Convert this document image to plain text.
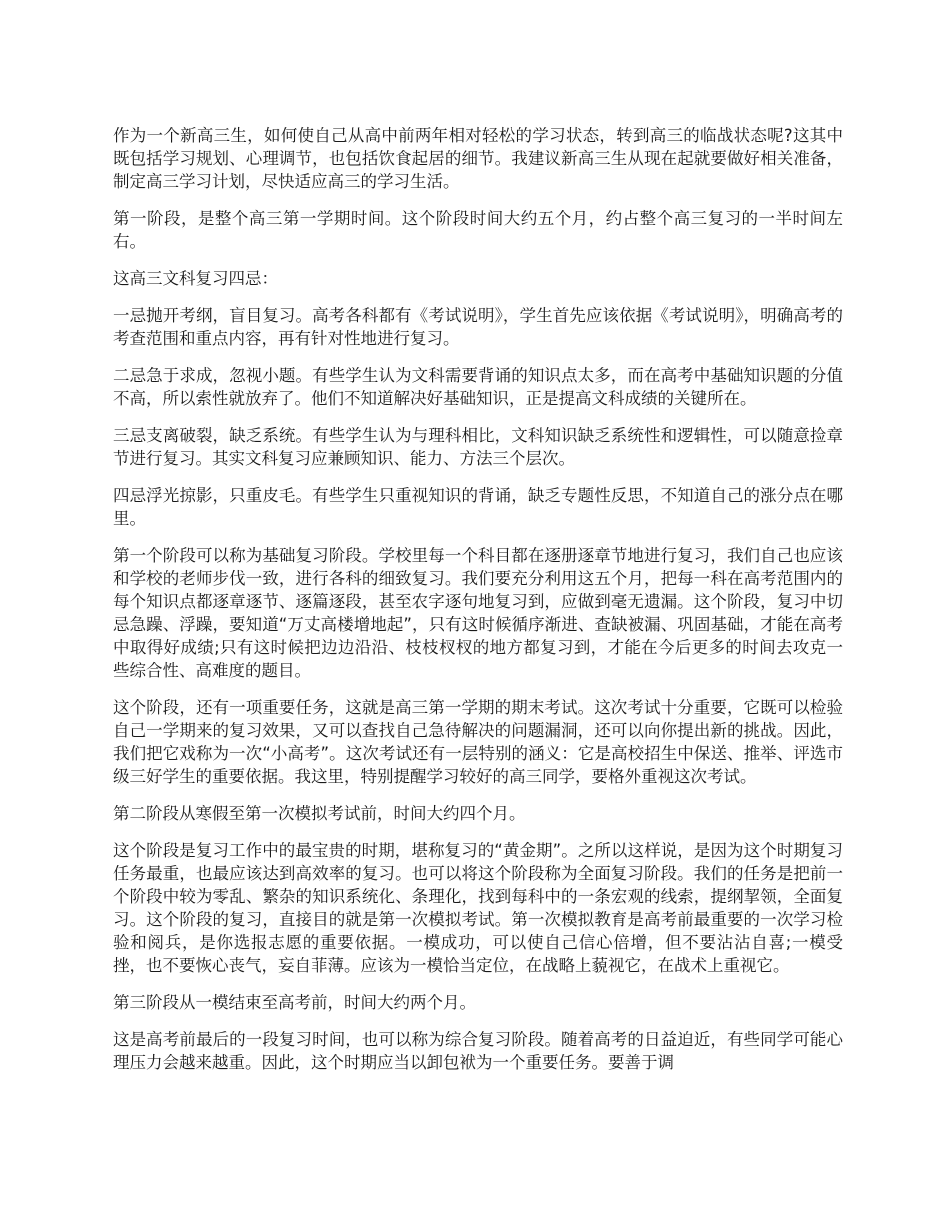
作为一个新高三生，如何使自己从高中前两年相对轻松的学习状态，转到高三的临战状态呢?这其中既包括学习规划、心理调节，也包括饮食起居的细节。我建议新高三生从现在起就要做好相关准备，制定高三学习计划，尽快适应高三的学习生活。

第一阶段，是整个高三第一学期时间。这个阶段时间大约五个月，约占整个高三复习的一半时间左右。

这高三文科复习四忌：

一忌抛开考纲，盲目复习。高考各科都有《考试说明》，学生首先应该依据《考试说明》，明确高考的考查范围和重点内容，再有针对性地进行复习。

二忌急于求成，忽视小题。有些学生认为文科需要背诵的知识点太多，而在高考中基础知识题的分值不高，所以索性就放弃了。他们不知道解决好基础知识，正是提高文科成绩的关键所在。

三忌支离破裂，缺乏系统。有些学生认为与理科相比，文科知识缺乏系统性和逻辑性，可以随意捡章节进行复习。其实文科复习应兼顾知识、能力、方法三个层次。

四忌浮光掠影，只重皮毛。有些学生只重视知识的背诵，缺乏专题性反思，不知道自己的涨分点在哪里。

第一个阶段可以称为基础复习阶段。学校里每一个科目都在逐册逐章节地进行复习，我们自己也应该和学校的老师步伐一致，进行各科的细致复习。我们要充分利用这五个月，把每一科在高考范围内的每个知识点都逐章逐节、逐篇逐段，甚至农字逐句地复习到，应做到毫无遗漏。这个阶段，复习中切忌急躁、浮躁，要知道“万丈高楼增地起”，只有这时候循序渐进、查缺被漏、巩固基础，才能在高考中取得好成绩;只有这时候把边边沿沿、枝枝杈杈的地方都复习到，才能在今后更多的时间去攻克一些综合性、高难度的题目。

这个阶段，还有一项重要任务，这就是高三第一学期的期末考试。这次考试十分重要，它既可以检验自己一学期来的复习效果，又可以查找自己急待解决的问题漏洞，还可以向你提出新的挑战。因此，我们把它戏称为一次“小高考”。这次考试还有一层特别的涵义：它是高校招生中保送、推举、评选市级三好学生的重要依据。我这里，特别提醒学习较好的高三同学，要格外重视这次考试。

第二阶段从寒假至第一次模拟考试前，时间大约四个月。

这个阶段是复习工作中的最宝贵的时期，堪称复习的“黄金期”。之所以这样说，是因为这个时期复习任务最重，也最应该达到高效率的复习。也可以将这个阶段称为全面复习阶段。我们的任务是把前一个阶段中较为零乱、繁杂的知识系统化、条理化，找到每科中的一条宏观的线索，提纲挈领，全面复习。这个阶段的复习，直接目的就是第一次模拟考试。第一次模拟教育是高考前最重要的一次学习检验和阅兵，是你选报志愿的重要依据。一模成功，可以使自己信心倍增，但不要沾沾自喜;一模受挫，也不要恢心丧气，妄自菲薄。应该为一模恰当定位，在战略上藐视它，在战术上重视它。

第三阶段从一模结束至高考前，时间大约两个月。

这是高考前最后的一段复习时间，也可以称为综合复习阶段。随着高考的日益迫近，有些同学可能心理压力会越来越重。因此，这个时期应当以卸包袱为一个重要任务。要善于调
